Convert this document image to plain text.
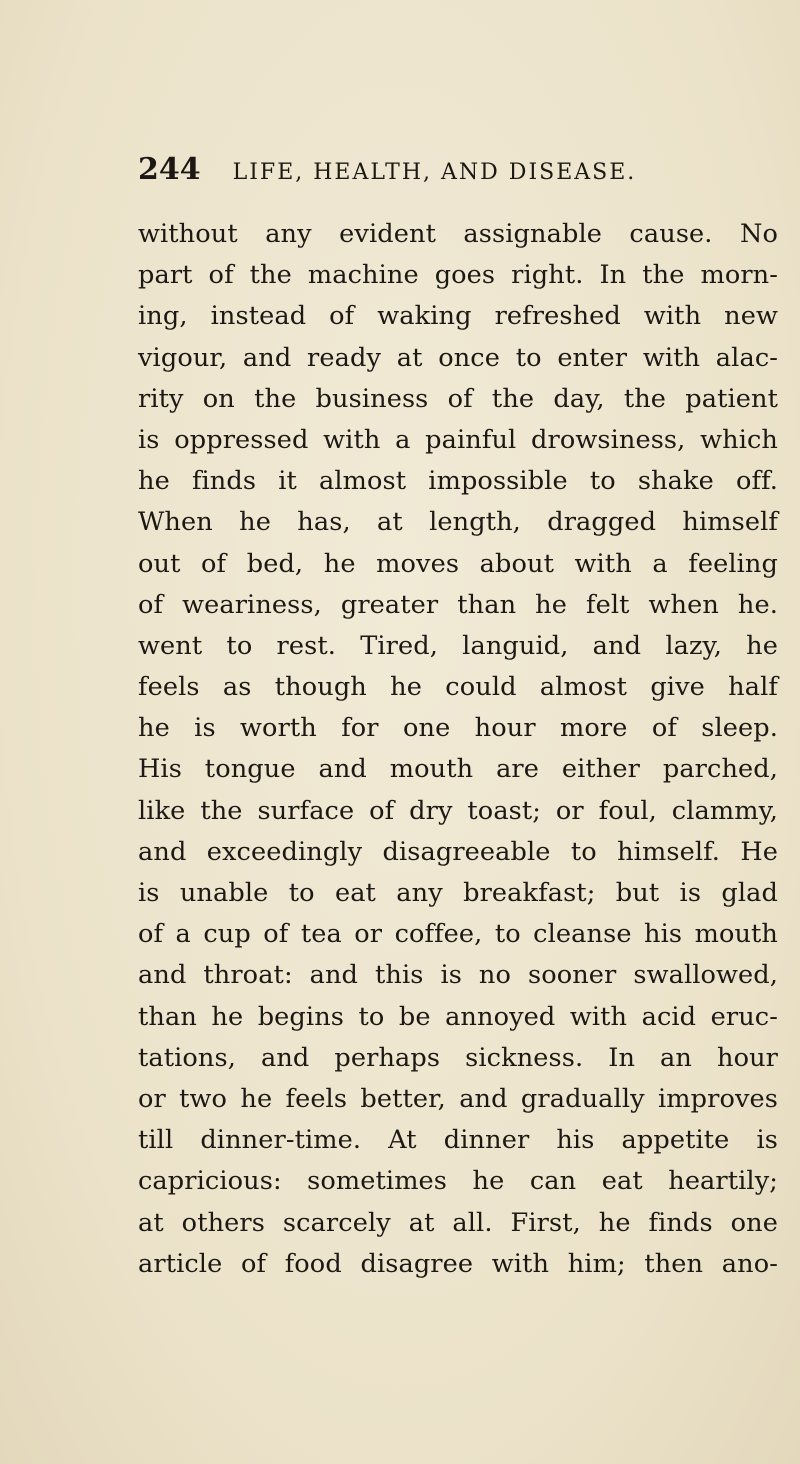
244 LIFE, HEALTH, AND DISEASE.
without any evident assignable cause. No
part of the machine goes right. In the morn-
ing, instead of waking refreshed with new
vigour, and ready at once to enter with alac-
rity on the business of the day, the patient
is oppressed with a painful drowsiness, which
he finds it almost impossible to shake off.
When he has, at length, dragged himself
out of bed, he moves about with a feeling
of weariness, greater than he felt when he.
went to rest. Tired, languid, and lazy, he
feels as though he could almost give half
he is worth for one hour more of sleep.
His tongue and mouth are either parched,
like the surface of dry toast; or foul, clammy,
and exceedingly disagreeable to himself. He
is unable to eat any breakfast; but is glad
of a cup of tea or coffee, to cleanse his mouth
and throat: and this is no sooner swallowed,
than he begins to be annoyed with acid eruc-
tations, and perhaps sickness. In an hour
or two he feels better, and gradually improves
till dinner-time. At dinner his appetite is
capricious: sometimes he can eat heartily;
at others scarcely at all. First, he finds one
article of food disagree with him; then ano-
